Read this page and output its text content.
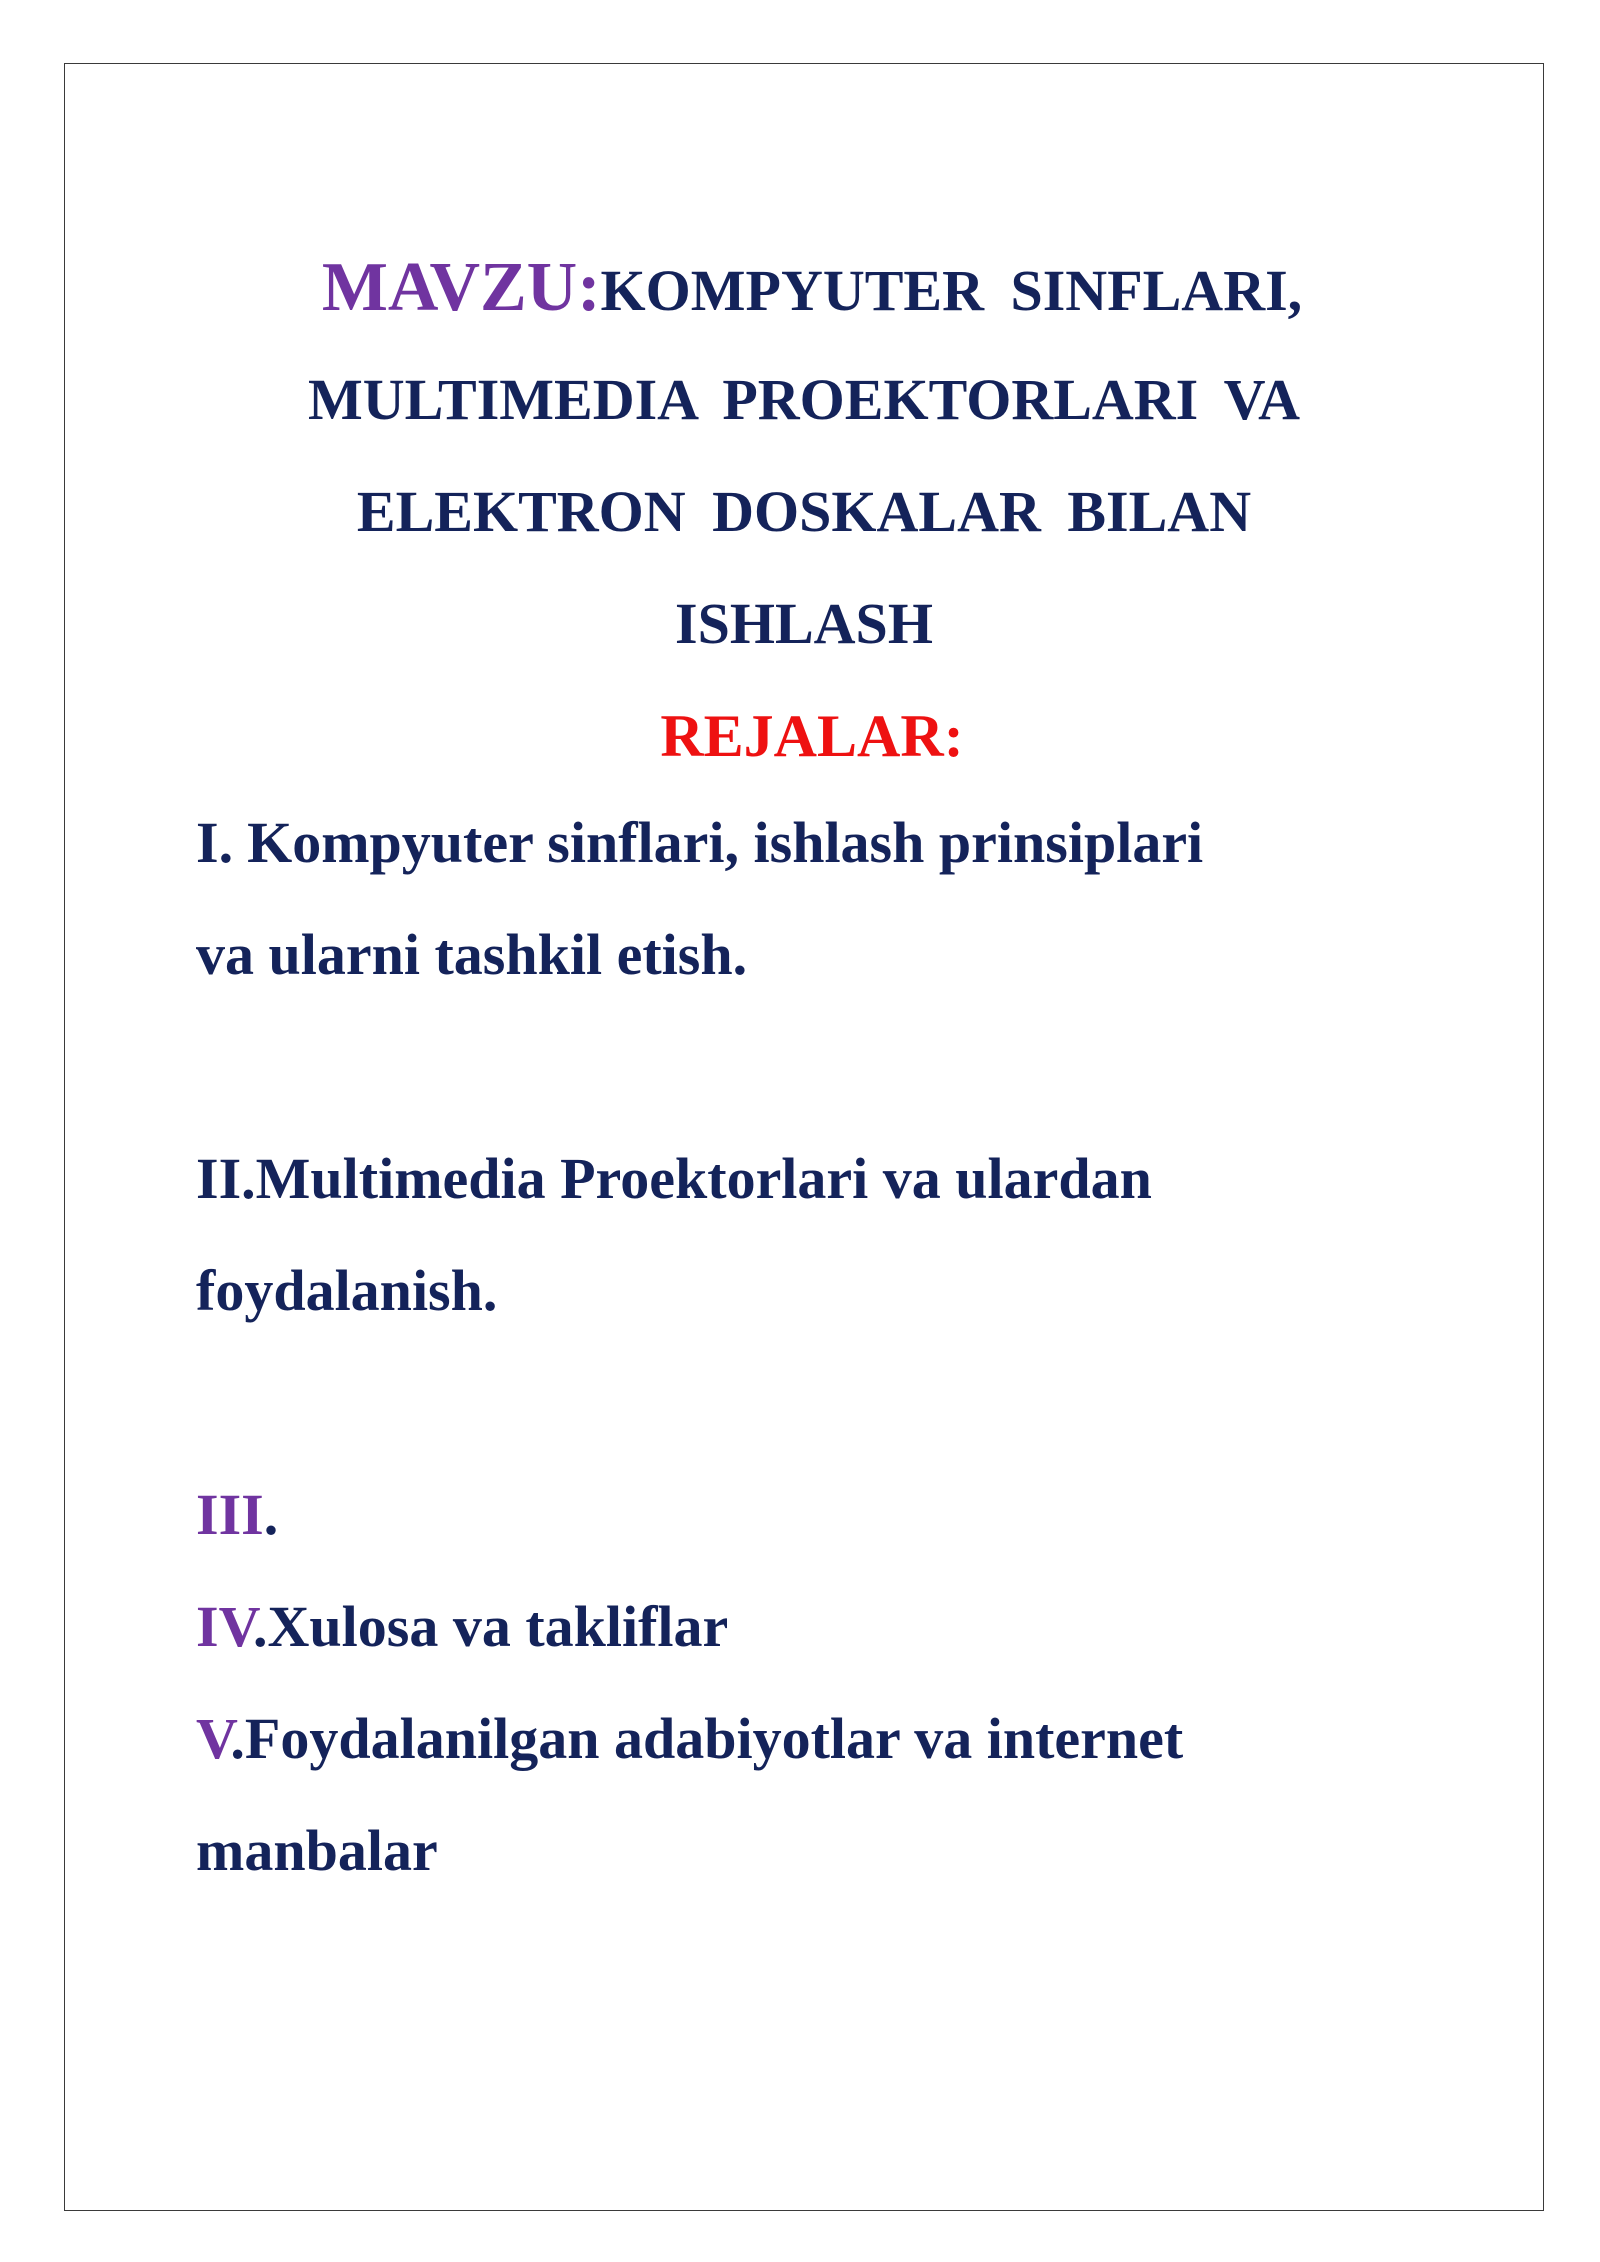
MAVZU:KOMPYUTER SINFLARI,
MULTIMEDIA PROEKTORLARI VA
ELEKTRON DOSKALAR BILAN
ISHLASH
REJALAR:
I. Kompyuter sinflari, ishlash prinsiplari
va ularni tashkil etish.
II.Multimedia Proektorlari va ulardan
foydalanish.
III.
IV.Xulosa va takliflar
V.Foydalanilgan adabiyotlar va internet
manbalar
